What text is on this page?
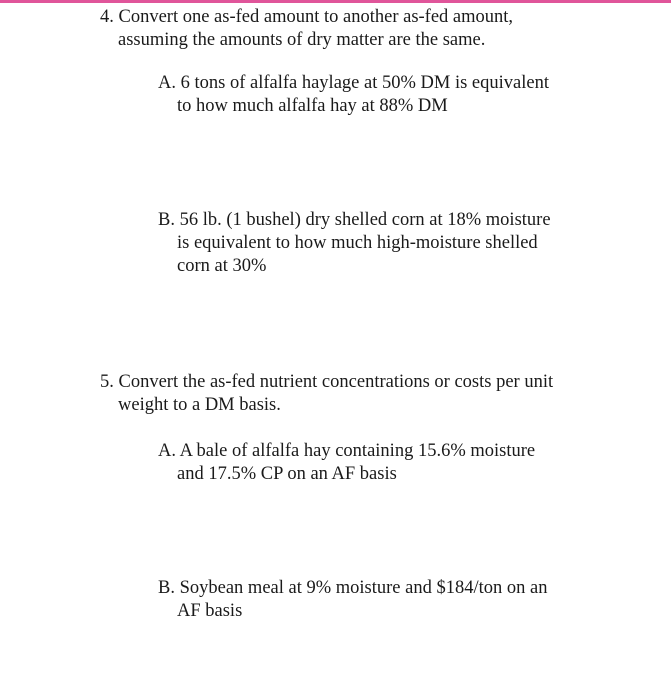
4. Convert one as-fed amount to another as-fed amount,
assuming the amounts of dry matter are the same.
A. 6 tons of alfalfa haylage at 50% DM is equivalent
to how much alfalfa hay at 88% DM
B. 56 lb. (1 bushel) dry shelled corn at 18% moisture
is equivalent to how much high-moisture shelled
corn at 30%
5. Convert the as-fed nutrient concentrations or costs per unit
weight to a DM basis.
A. A bale of alfalfa hay containing 15.6% moisture
and 17.5% CP on an AF basis
B. Soybean meal at 9% moisture and $184/ton on an
AF basis
